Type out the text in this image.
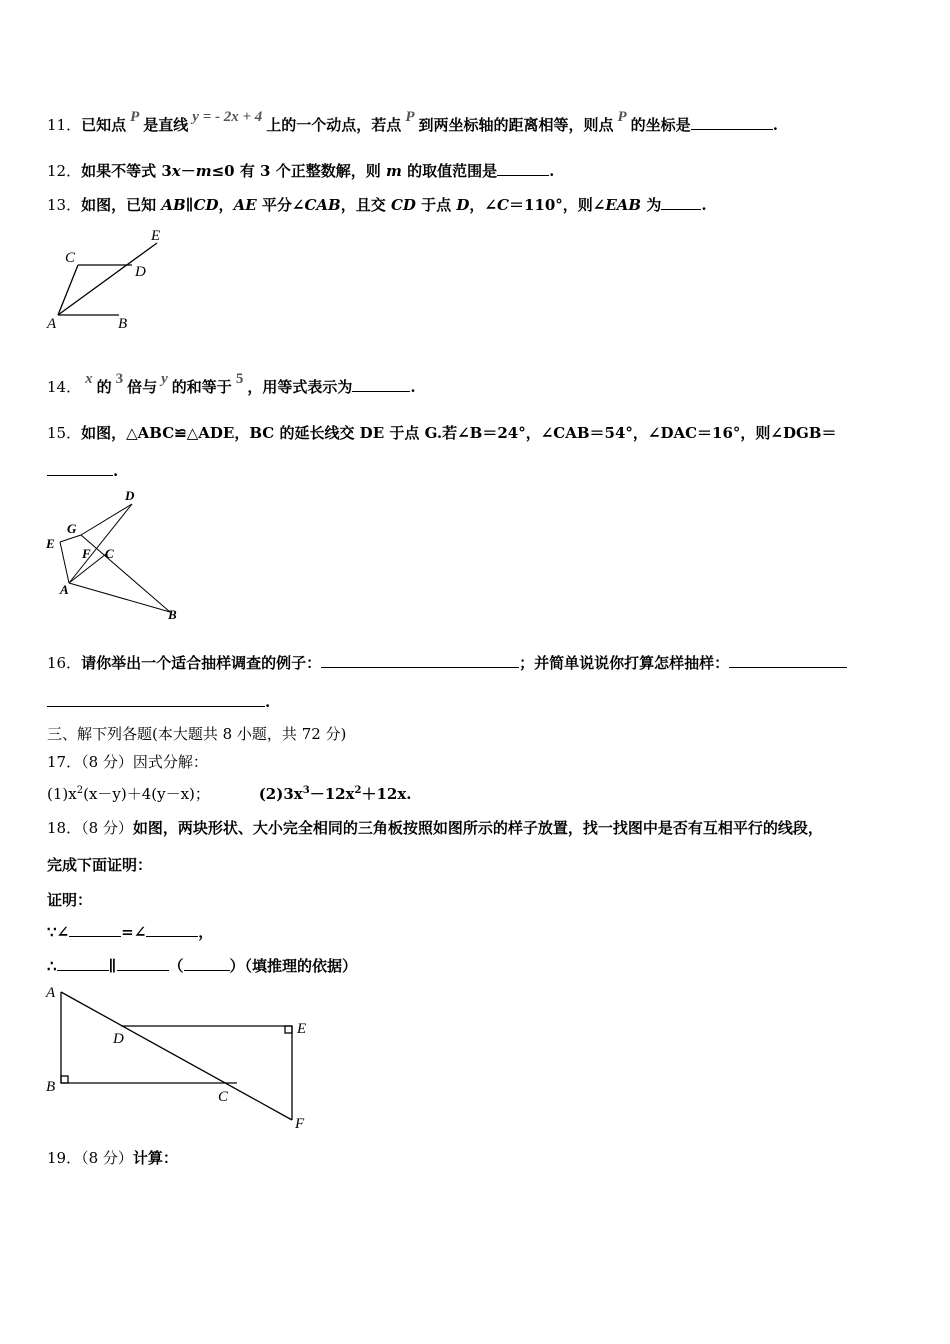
11．已知点 P 是直线 y = - 2x + 4 上的一个动点，若点 P 到两坐标轴的距离相等，则点 P 的坐标是	.
12．如果不等式 3x－m≤0 有 3 个正整数解，则 m 的取值范围是	.
13．如图，已知 AB∥CD，AE 平分∠CAB，且交 CD 于点 D，∠C＝110°，则∠EAB 为	.
C
E
D
A	B
14． x 的 3 倍与 y 的和等于 5 ，用等式表示为	.
15．如图，△ABC≌△ADE，BC 的延长线交 DE 于点 G.若∠B＝24°，∠CAB＝54°，∠DAC＝16°，则∠DGB＝
.
D
G
E
F C
A
B
16．请你举出一个适合抽样调查的例子：	；并简单说说你打算怎样抽样：
.
三、解下列各题(本大题共 8 小题，共 72 分)
17．（8 分）因式分解：
$(1)x^2(x-y)+4(y-x)$；	$(2)3x^3-12x^2+12x$.
18．（8 分）如图，两块形状、大小完全相同的三角板按照如图所示的样子放置，找一找图中是否有互相平行的线段，
完成下面证明：
证明：
∵∠	=∠	，
∴	∥	（	）（填推理的依据）
A
D
E
B
C
F
19．（8 分）计算：
